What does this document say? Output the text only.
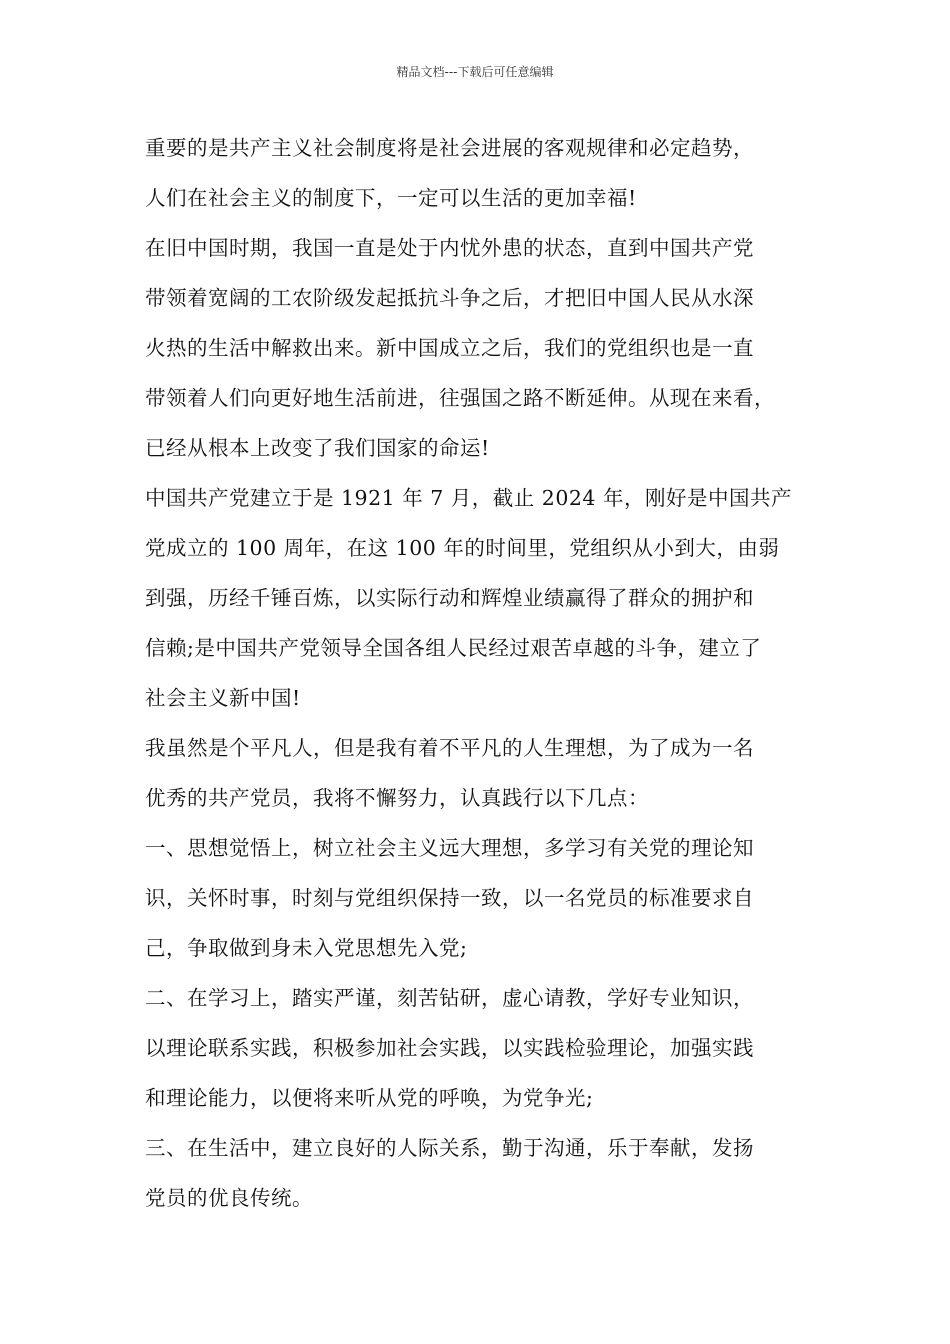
精品文档---下载后可任意编辑
重要的是共产主义社会制度将是社会进展的客观规律和必定趋势，
人们在社会主义的制度下，一定可以生活的更加幸福!
在旧中国时期，我国一直是处于内忧外患的状态，直到中国共产党
带领着宽阔的工农阶级发起抵抗斗争之后，才把旧中国人民从水深
火热的生活中解救出来。新中国成立之后，我们的党组织也是一直
带领着人们向更好地生活前进，往强国之路不断延伸。从现在来看，
已经从根本上改变了我们国家的命运!
中国共产党建立于是 1921 年 7 月，截止 2024 年，刚好是中国共产
党成立的 100 周年，在这 100 年的时间里，党组织从小到大，由弱
到强，历经千锤百炼，以实际行动和辉煌业绩赢得了群众的拥护和
信赖;是中国共产党领导全国各组人民经过艰苦卓越的斗争，建立了
社会主义新中国!
我虽然是个平凡人，但是我有着不平凡的人生理想，为了成为一名
优秀的共产党员，我将不懈努力，认真践行以下几点：
一、思想觉悟上，树立社会主义远大理想，多学习有关党的理论知
识，关怀时事，时刻与党组织保持一致，以一名党员的标准要求自
己，争取做到身未入党思想先入党;
二、在学习上，踏实严谨，刻苦钻研，虚心请教，学好专业知识，
以理论联系实践，积极参加社会实践，以实践检验理论，加强实践
和理论能力，以便将来听从党的呼唤，为党争光;
三、在生活中，建立良好的人际关系，勤于沟通，乐于奉献，发扬
党员的优良传统。
